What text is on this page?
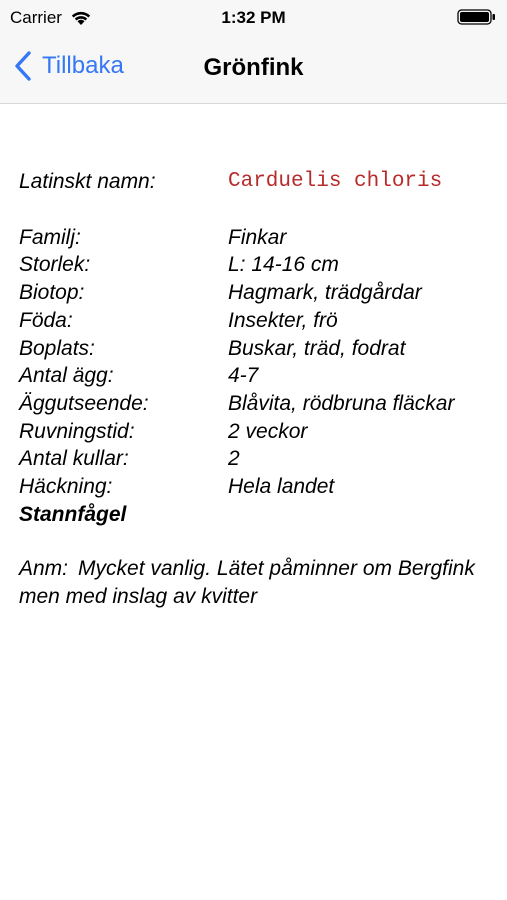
Carrier	1:32 PM
Tillbaka	Grönfink
Latinskt namn:	Carduelis chloris
Familj:	Finkar
Storlek:	L: 14-16 cm
Biotop:	Hagmark, trädgårdar
Föda:	Insekter, frö
Boplats:	Buskar, träd, fodrat
Antal ägg:	4-7
Äggutseende:	Blåvita, rödbruna fläckar
Ruvningstid:	2 veckor
Antal kullar:	2
Häckning:	Hela landet
Stannfågel
Anm: Mycket vanlig. Lätet påminner om Bergfink men med inslag av kvitter
